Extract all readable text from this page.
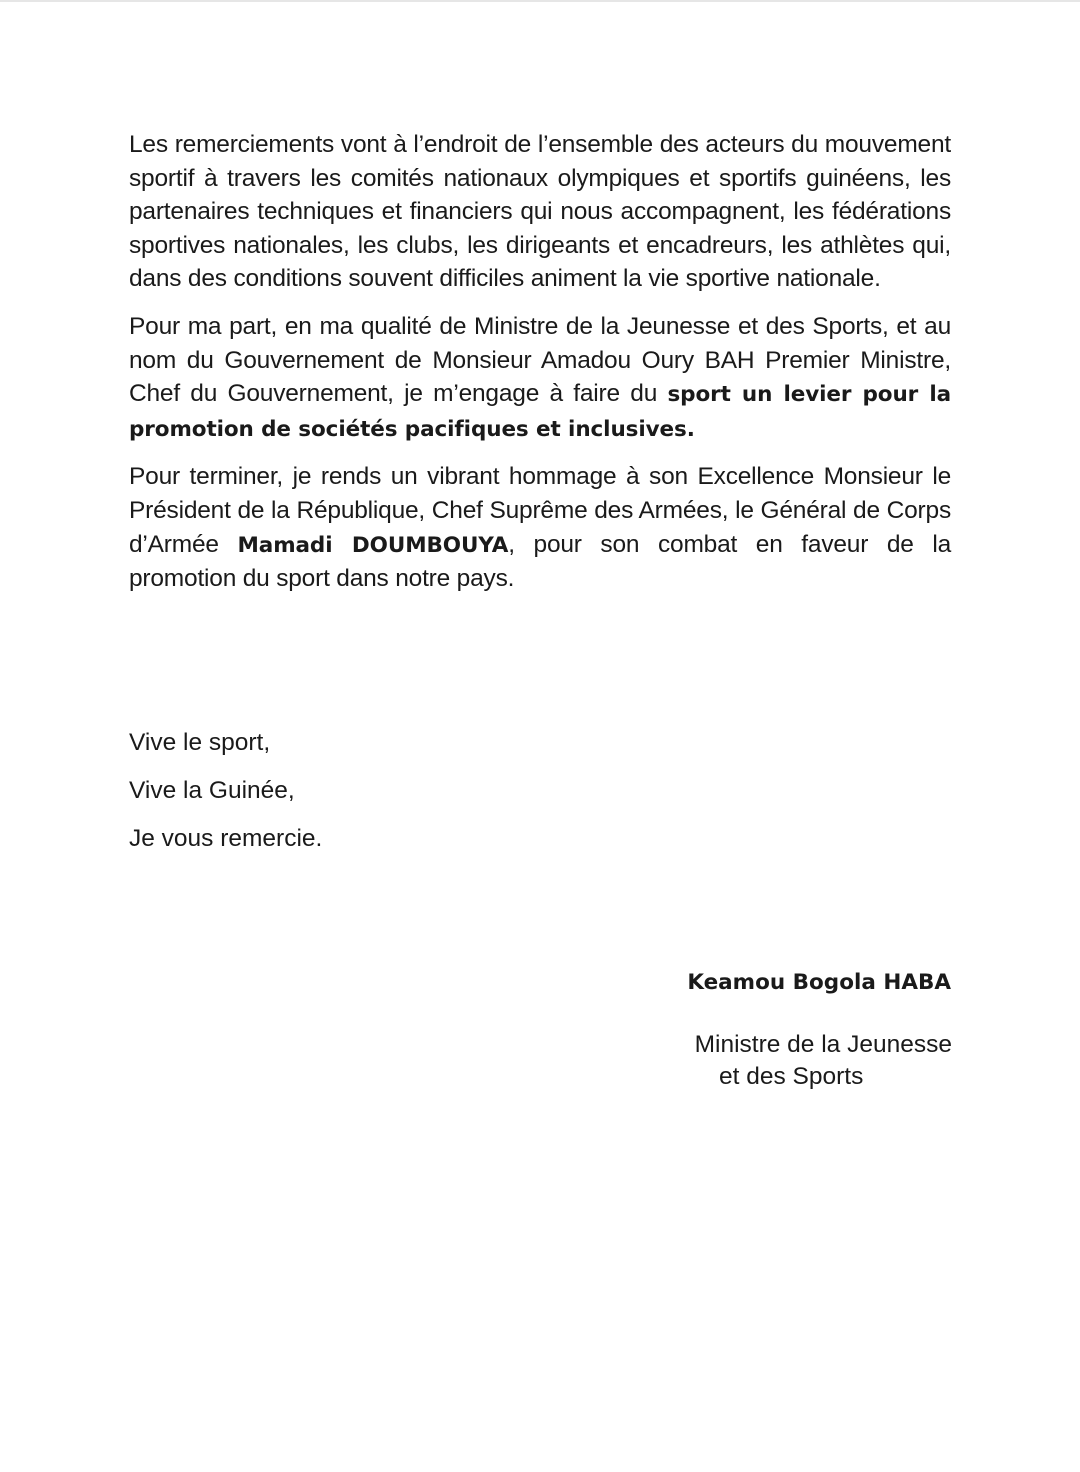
Les remerciements vont à l’endroit de l’ensemble des acteurs du mouvement sportif à travers les comités nationaux olympiques et sportifs guinéens, les partenaires techniques et financiers qui nous accompagnent, les fédérations sportives nationales, les clubs, les dirigeants et encadreurs, les athlètes qui, dans des conditions souvent difficiles animent la vie sportive nationale.

Pour ma part, en ma qualité de Ministre de la Jeunesse et des Sports, et au nom du Gouvernement de Monsieur Amadou Oury BAH Premier Ministre, Chef du Gouvernement, je m’engage à faire du sport un levier pour la promotion de sociétés pacifiques et inclusives.

Pour terminer, je rends un vibrant hommage à son Excellence Monsieur le Président de la République, Chef Suprême des Armées, le Général de Corps d’Armée Mamadi DOUMBOUYA, pour son combat en faveur de la promotion du sport dans notre pays.

Vive le sport,
Vive la Guinée,
Je vous remercie.
Keamou Bogola HABA
Ministre de la Jeunesse
et des Sports
